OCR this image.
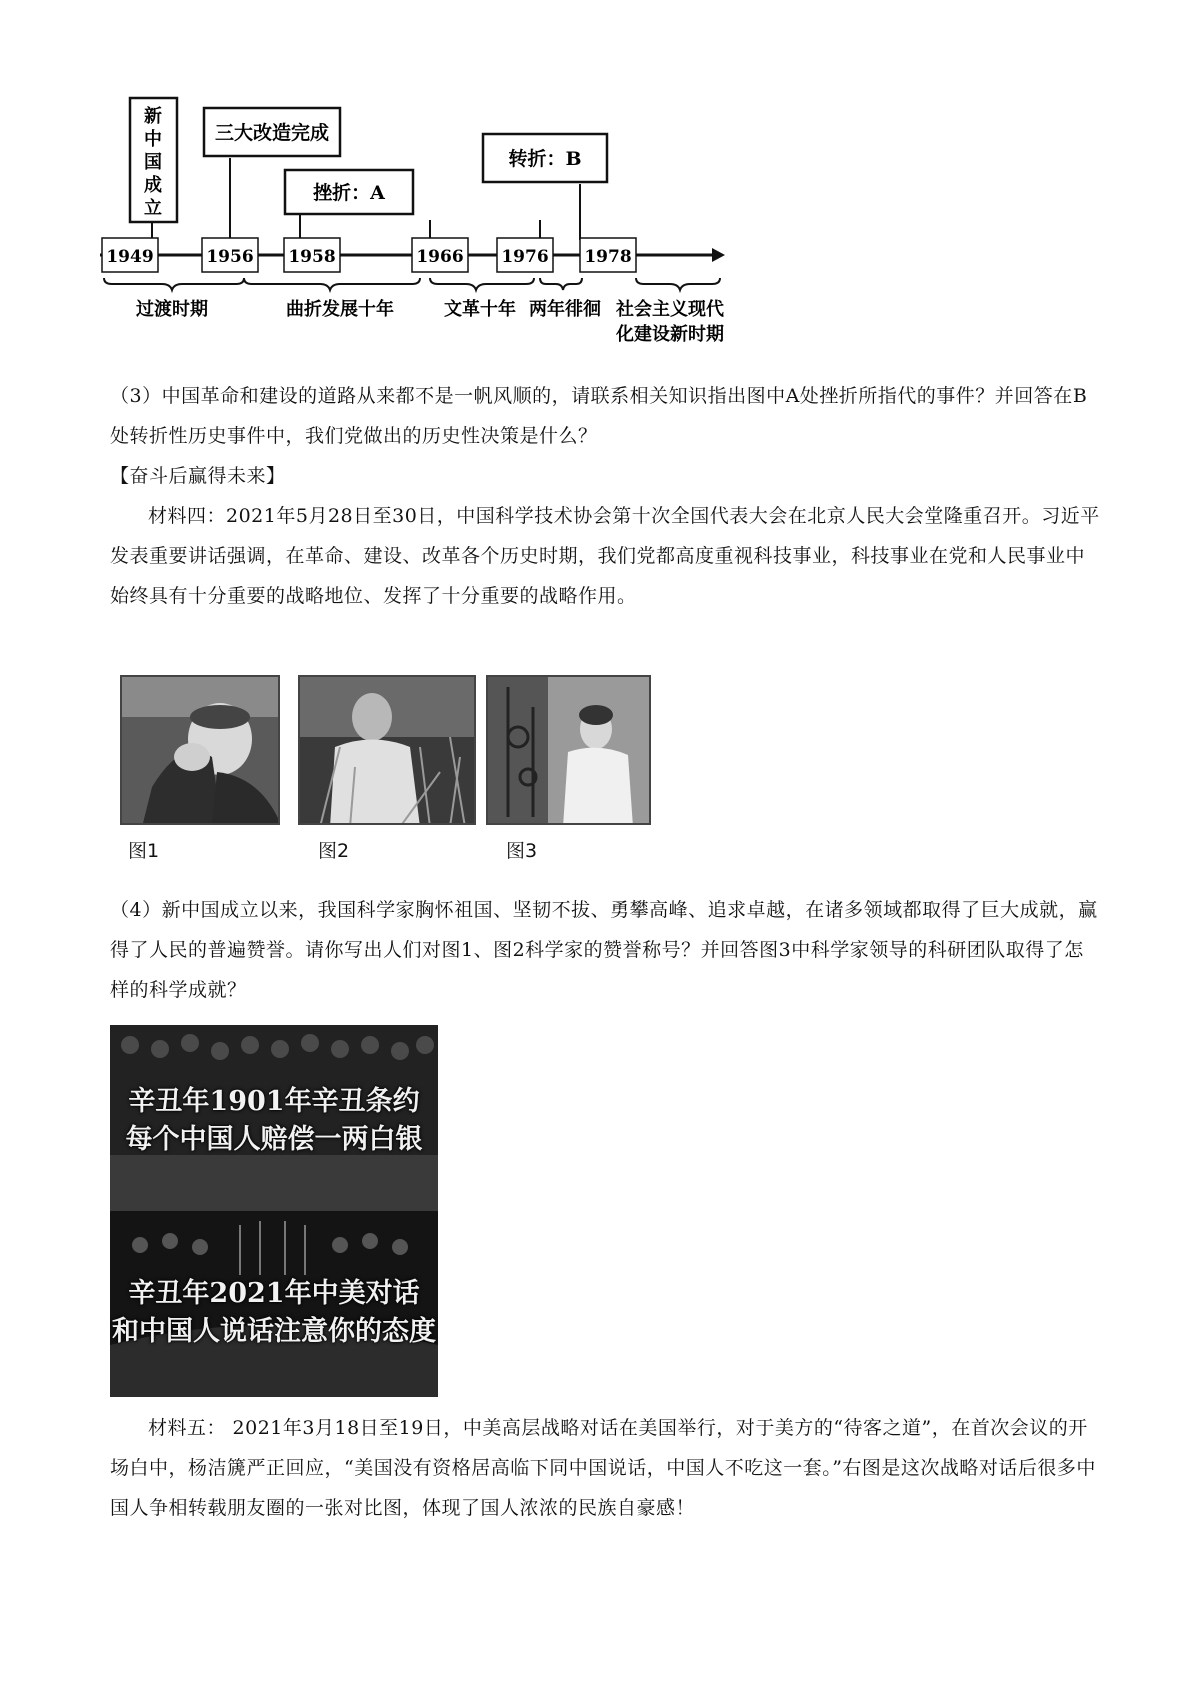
新中国成立
三大改造完成
挫折：A
转折：B
1949	1956 1958	1966 1976 1978
过渡时期	曲折发展十年	文革十年 两年徘徊 社会主义现代
化建设新时期
（3）中国革命和建设的道路从来都不是一帆风顺的，请联系相关知识指出图中A处挫折所指代的事件？并回答在B处转折性历史事件中，我们党做出的历史性决策是什么？
【奋斗后赢得未来】
材料四：2021年5月28日至30日，中国科学技术协会第十次全国代表大会在北京人民大会堂隆重召开。习近平发表重要讲话强调，在革命、建设、改革各个历史时期，我们党都高度重视科技事业，科技事业在党和人民事业中始终具有十分重要的战略地位、发挥了十分重要的战略作用。
图1	图2	图3
（4）新中国成立以来，我国科学家胸怀祖国、坚韧不拔、勇攀高峰、追求卓越，在诸多领域都取得了巨大成就，赢得了人民的普遍赞誉。请你写出人们对图1、图2科学家的赞誉称号？并回答图3中科学家领导的科研团队取得了怎样的科学成就？
辛丑年1901年辛丑条约
每个中国人赔偿一两白银
辛丑年2021年中美对话
和中国人说话注意你的态度
材料五： 2021年3月18日至19日，中美高层战略对话在美国举行，对于美方的“待客之道”，在首次会议的开场白中，杨洁篪严正回应，“美国没有资格居高临下同中国说话，中国人不吃这一套。”右图是这次战略对话后很多中国人争相转载朋友圈的一张对比图，体现了国人浓浓的民族自豪感！
